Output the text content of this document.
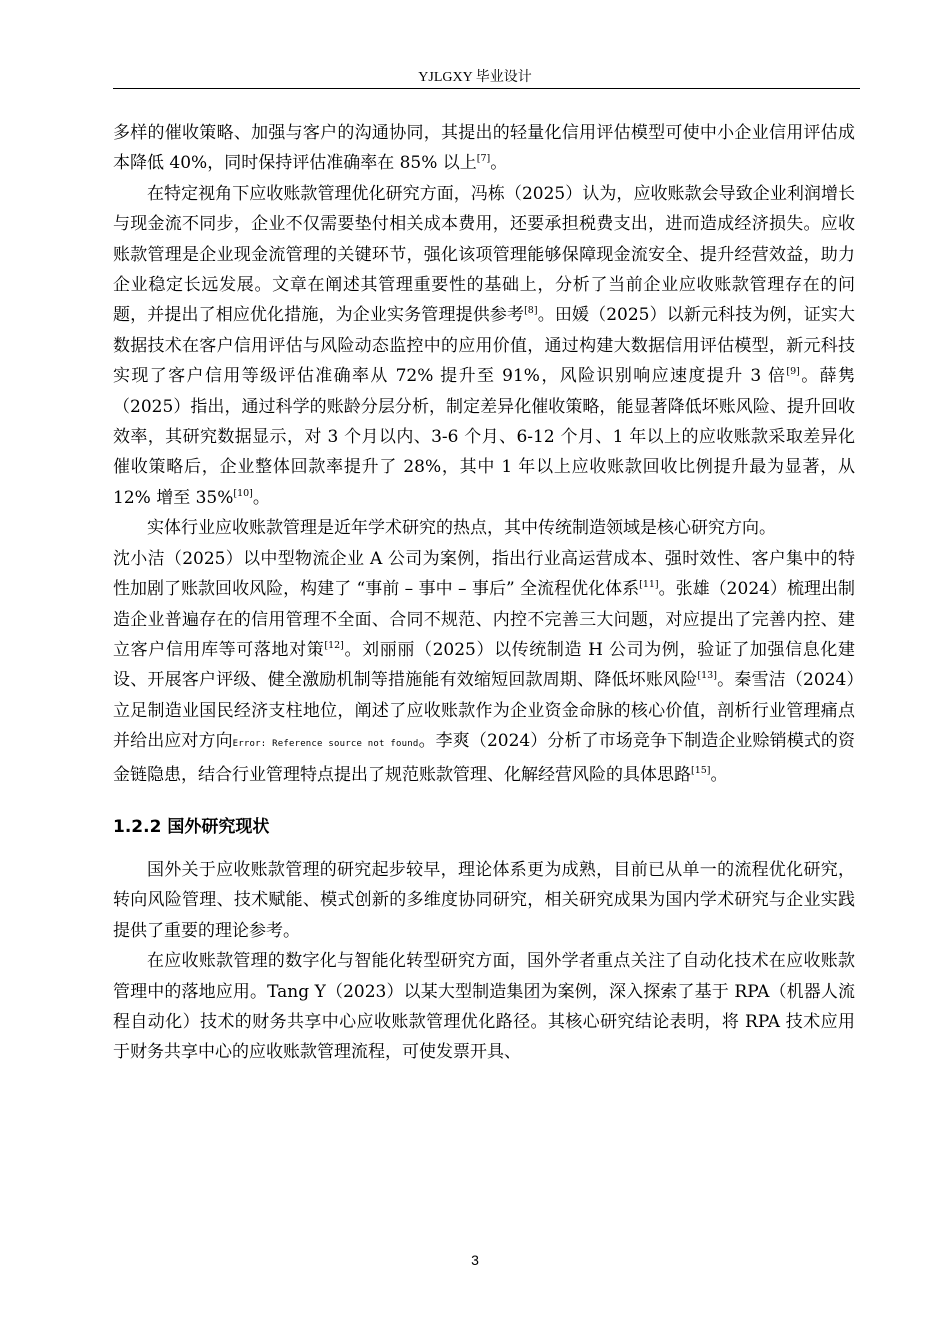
YJLGXY 毕业设计

多样的催收策略、加强与客户的沟通协同，其提出的轻量化信用评估模型可使中小企业信用评估成本降低 40%，同时保持评估准确率在 85% 以上[7]。

在特定视角下应收账款管理优化研究方面，冯栋（2025）认为，应收账款会导致企业利润增长与现金流不同步，企业不仅需要垫付相关成本费用，还要承担税费支出，进而造成经济损失。应收账款管理是企业现金流管理的关键环节，强化该项管理能够保障现金流安全、提升经营效益，助力企业稳定长远发展。文章在阐述其管理重要性的基础上，分析了当前企业应收账款管理存在的问题，并提出了相应优化措施，为企业实务管理提供参考[8]。田媛（2025）以新元科技为例，证实大数据技术在客户信用评估与风险动态监控中的应用价值，通过构建大数据信用评估模型，新元科技实现了客户信用等级评估准确率从 72% 提升至 91%，风险识别响应速度提升 3 倍[9]。薛隽（2025）指出，通过科学的账龄分层分析，制定差异化催收策略，能显著降低坏账风险、提升回收效率，其研究数据显示，对 3 个月以内、3-6 个月、6-12 个月、1 年以上的应收账款采取差异化催收策略后，企业整体回款率提升了 28%，其中 1 年以上应收账款回收比例提升最为显著，从 12% 增至 35%[10]。

实体行业应收账款管理是近年学术研究的热点，其中传统制造领域是核心研究方向。

沈小洁（2025）以中型物流企业 A 公司为案例，指出行业高运营成本、强时效性、客户集中的特性加剧了账款回收风险，构建了 “事前 – 事中 – 事后” 全流程优化体系[11]。张雄（2024）梳理出制造企业普遍存在的信用管理不全面、合同不规范、内控不完善三大问题，对应提出了完善内控、建立客户信用库等可落地对策[12]。刘丽丽（2025）以传统制造 H 公司为例，验证了加强信息化建设、开展客户评级、健全激励机制等措施能有效缩短回款周期、降低坏账风险[13]。秦雪洁（2024）立足制造业国民经济支柱地位，阐述了应收账款作为企业资金命脉的核心价值，剖析行业管理痛点并给出应对方向Error: Reference source not found。李爽（2024）分析了市场竞争下制造企业赊销模式的资金链隐患，结合行业管理特点提出了规范账款管理、化解经营风险的具体思路[15]。

1.2.2 国外研究现状

国外关于应收账款管理的研究起步较早，理论体系更为成熟，目前已从单一的流程优化研究，转向风险管理、技术赋能、模式创新的多维度协同研究，相关研究成果为国内学术研究与企业实践提供了重要的理论参考。

在应收账款管理的数字化与智能化转型研究方面，国外学者重点关注了自动化技术在应收账款管理中的落地应用。Tang Y（2023）以某大型制造集团为案例，深入探索了基于 RPA（机器人流程自动化）技术的财务共享中心应收账款管理优化路径。其核心研究结论表明，将 RPA 技术应用于财务共享中心的应收账款管理流程，可使发票开具、

3
